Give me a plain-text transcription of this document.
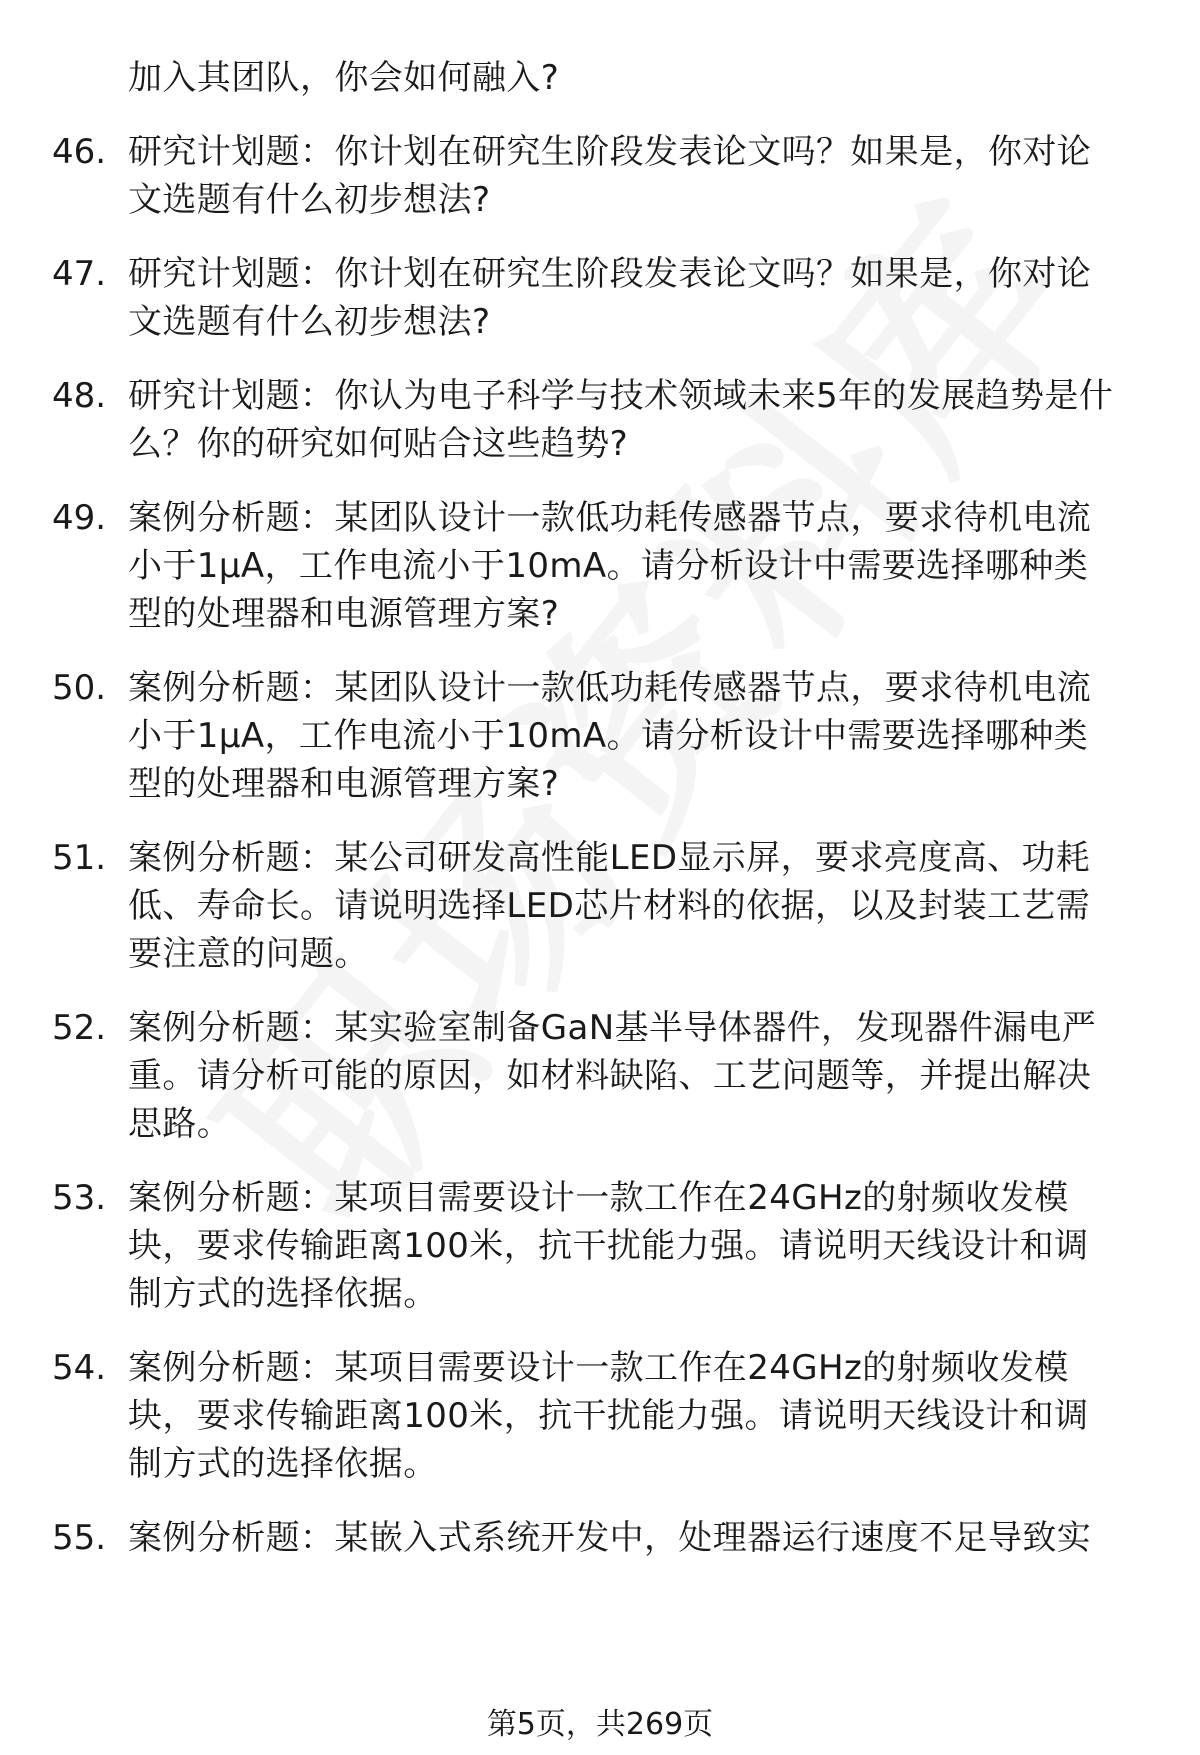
加入其团队，你会如何融入?
46. 研究计划题：你计划在研究生阶段发表论文吗？如果是，你对论
文选题有什么初步想法?
47. 研究计划题：你计划在研究生阶段发表论文吗？如果是，你对论
文选题有什么初步想法?
48. 研究计划题：你认为电子科学与技术领域未来5年的发展趋势是什
么？你的研究如何贴合这些趋势?
49. 案例分析题：某团队设计一款低功耗传感器节点，要求待机电流
小于1μA，工作电流小于10mA。请分析设计中需要选择哪种类
型的处理器和电源管理方案?
50. 案例分析题：某团队设计一款低功耗传感器节点，要求待机电流
小于1μA，工作电流小于10mA。请分析设计中需要选择哪种类
型的处理器和电源管理方案?
51. 案例分析题：某公司研发高性能LED显示屏，要求亮度高、功耗
低、寿命长。请说明选择LED芯片材料的依据，以及封装工艺需
要注意的问题。
52. 案例分析题：某实验室制备GaN基半导体器件，发现器件漏电严
重。请分析可能的原因，如材料缺陷、工艺问题等，并提出解决
思路。
53. 案例分析题：某项目需要设计一款工作在24GHz的射频收发模
块，要求传输距离100米，抗干扰能力强。请说明天线设计和调
制方式的选择依据。
54. 案例分析题：某项目需要设计一款工作在24GHz的射频收发模
块，要求传输距离100米，抗干扰能力强。请说明天线设计和调
制方式的选择依据。
55. 案例分析题：某嵌入式系统开发中，处理器运行速度不足导致实
第5页，共269页
